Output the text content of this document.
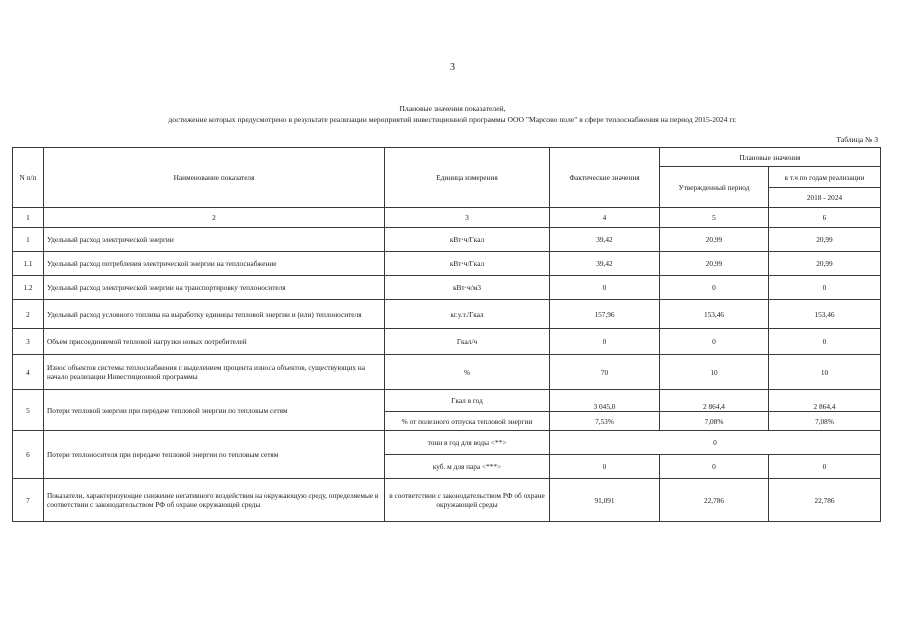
3
Плановые значения показателей,
достижение которых предусмотрено в результате реализации мероприятий инвестиционной программы ООО "Марсово поле" в сфере теплоснабжения на период 2015-2024 гг.
Таблица № 3
N п/п	Наименование показателя	Единица измерения	Фактические значения	Плановые значения	
				Утвержденный период	в т.ч по годам реализации
					2018 - 2024
1	2	3	4	5	6
1	Удельный расход электрической энергии	кВт·ч/Гкал	39,42	20,99	20,99
1.1	Удельный расход потребления электрической энергии на теплоснабжение	кВт·ч/Гкал	39,42	20,99	20,99
1.2	Удельный расход электрической энергии на транспортировку теплоносителя	кВт·ч/м3	0	0	0
2	Удельный расход условного топлива на выработку единицы тепловой энергии и (или) теплоносителя	кг.у.т./Гкал	157,96	153,46	153,46
3	Объем присоединяемой тепловой нагрузки новых потребителей	Гкал/ч	0	0	0
4	Износ объектов системы теплоснабжения с выделением процента износа объектов, существующих на начало реализации Инвестиционной программы	%	70	10	10
5	Потери тепловой энергии при передаче тепловой энергии по тепловым сетям	Гкал в год	3 045,0	2 864,4	2 864,4
		% от полезного отпуска тепловой энергии	7,53%	7,08%	7,08%
6	Потери теплоносителя при передаче тепловой энергии по тепловым сетям	тонн в год для воды <**>	0		
		куб. м для пара <***>	0	0	0
7	Показатели, характеризующие снижение негативного воздействия на окружающую среду, определяемые в соответствии с законодательством РФ об охране окружающей среды	в соответствии с законодательством РФ об охране окружающей среды	91,091	22,786	22,786
